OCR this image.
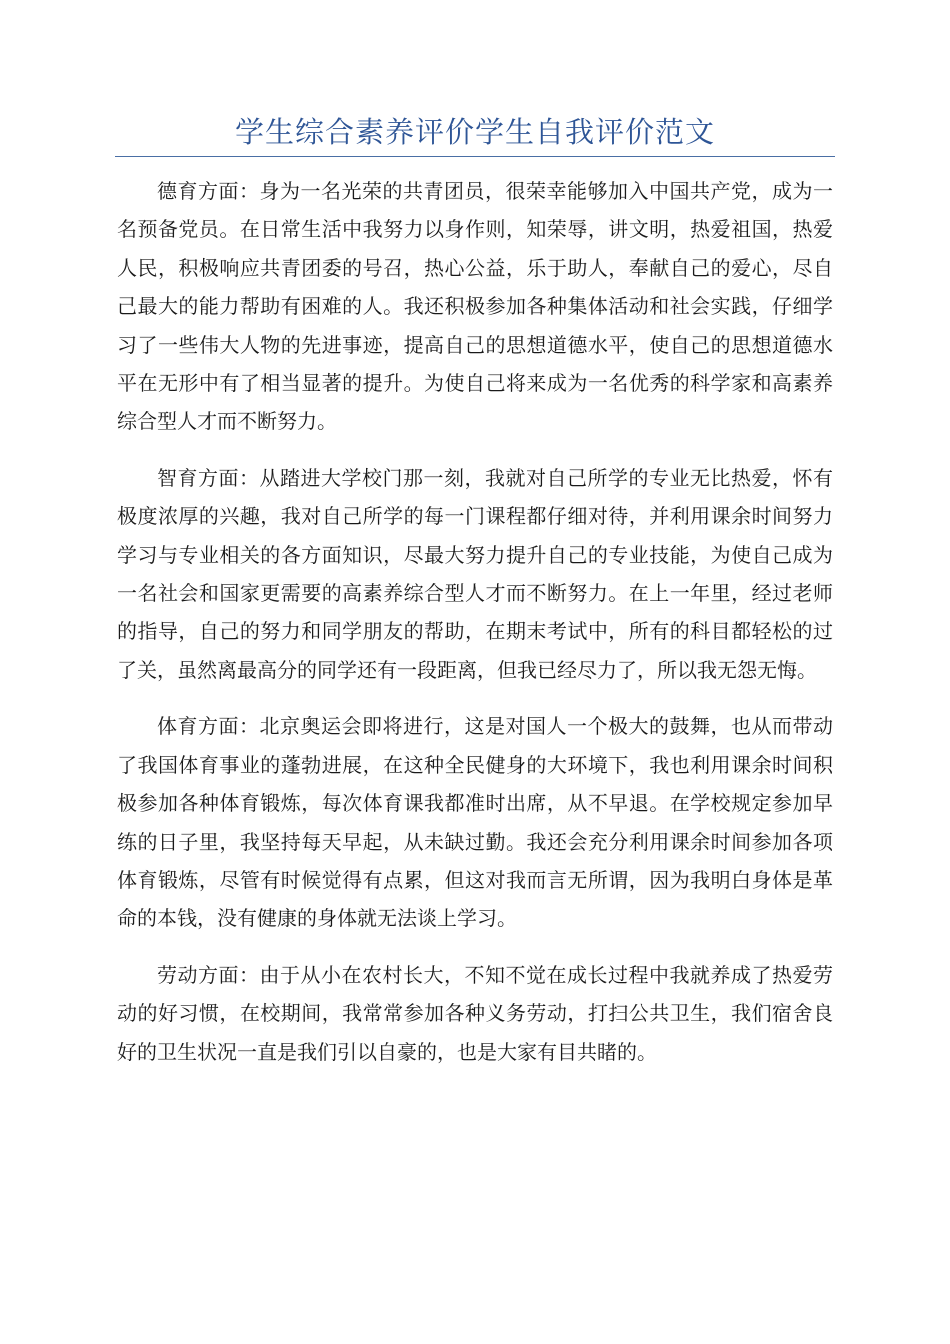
学生综合素养评价学生自我评价范文

德育方面：身为一名光荣的共青团员，很荣幸能够加入中国共产党，成为一名预备党员。在日常生活中我努力以身作则，知荣辱，讲文明，热爱祖国，热爱人民，积极响应共青团委的号召，热心公益，乐于助人，奉献自己的爱心，尽自己最大的能力帮助有困难的人。我还积极参加各种集体活动和社会实践，仔细学习了一些伟大人物的先进事迹，提高自己的思想道德水平，使自己的思想道德水平在无形中有了相当显著的提升。为使自己将来成为一名优秀的科学家和高素养综合型人才而不断努力。

智育方面：从踏进大学校门那一刻，我就对自己所学的专业无比热爱，怀有极度浓厚的兴趣，我对自己所学的每一门课程都仔细对待，并利用课余时间努力学习与专业相关的各方面知识，尽最大努力提升自己的专业技能，为使自己成为一名社会和国家更需要的高素养综合型人才而不断努力。在上一年里，经过老师的指导，自己的努力和同学朋友的帮助，在期末考试中，所有的科目都轻松的过了关，虽然离最高分的同学还有一段距离，但我已经尽力了，所以我无怨无悔。

体育方面：北京奥运会即将进行，这是对国人一个极大的鼓舞，也从而带动了我国体育事业的蓬勃进展，在这种全民健身的大环境下，我也利用课余时间积极参加各种体育锻炼，每次体育课我都准时出席，从不早退。在学校规定参加早练的日子里，我坚持每天早起，从未缺过勤。我还会充分利用课余时间参加各项体育锻炼，尽管有时候觉得有点累，但这对我而言无所谓，因为我明白身体是革命的本钱，没有健康的身体就无法谈上学习。

劳动方面：由于从小在农村长大，不知不觉在成长过程中我就养成了热爱劳动的好习惯，在校期间，我常常参加各种义务劳动，打扫公共卫生，我们宿舍良好的卫生状况一直是我们引以自豪的，也是大家有目共睹的。
